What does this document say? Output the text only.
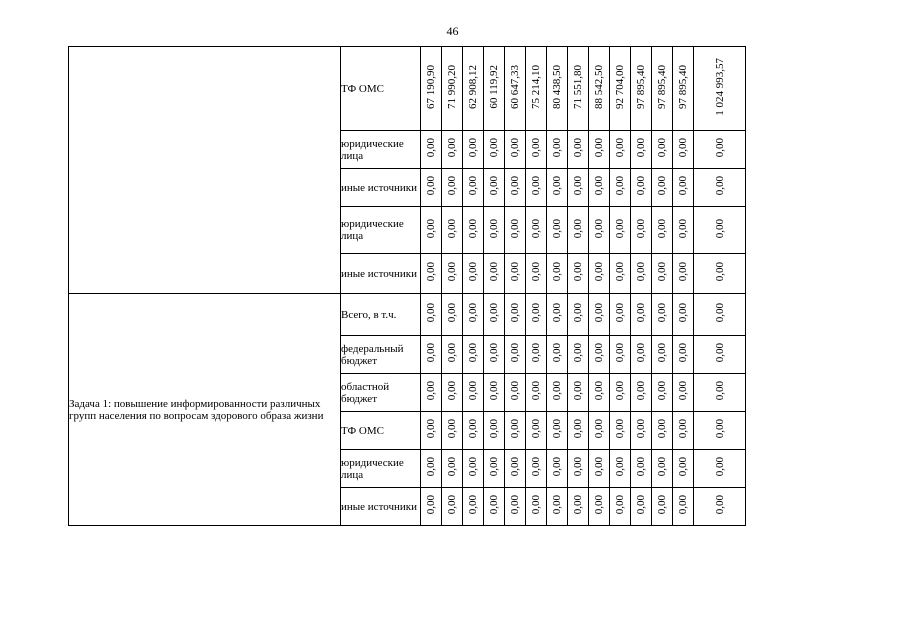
46
	ТФ ОМС	67 190,90	71 990,20	62 908,12	60 119,92	60 647,33	75 214,10	80 438,50	71 551,80	88 542,50	92 704,00	97 895,40	97 895,40	97 895,40	1 024 993,57
	юридические лица	0,00	0,00	0,00	0,00	0,00	0,00	0,00	0,00	0,00	0,00	0,00	0,00	0,00	0,00
	иные источники	0,00	0,00	0,00	0,00	0,00	0,00	0,00	0,00	0,00	0,00	0,00	0,00	0,00	0,00
	юридические лица	0,00	0,00	0,00	0,00	0,00	0,00	0,00	0,00	0,00	0,00	0,00	0,00	0,00	0,00
	иные источники	0,00	0,00	0,00	0,00	0,00	0,00	0,00	0,00	0,00	0,00	0,00	0,00	0,00	0,00
Задача 1: повышение информированности различных групп населения по вопросам здорового образа жизни	Всего, в т.ч.	0,00	0,00	0,00	0,00	0,00	0,00	0,00	0,00	0,00	0,00	0,00	0,00	0,00	0,00
	федеральный бюджет	0,00	0,00	0,00	0,00	0,00	0,00	0,00	0,00	0,00	0,00	0,00	0,00	0,00	0,00
	областной бюджет	0,00	0,00	0,00	0,00	0,00	0,00	0,00	0,00	0,00	0,00	0,00	0,00	0,00	0,00
	ТФ ОМС	0,00	0,00	0,00	0,00	0,00	0,00	0,00	0,00	0,00	0,00	0,00	0,00	0,00	0,00
	юридические лица	0,00	0,00	0,00	0,00	0,00	0,00	0,00	0,00	0,00	0,00	0,00	0,00	0,00	0,00
	иные источники	0,00	0,00	0,00	0,00	0,00	0,00	0,00	0,00	0,00	0,00	0,00	0,00	0,00	0,00
